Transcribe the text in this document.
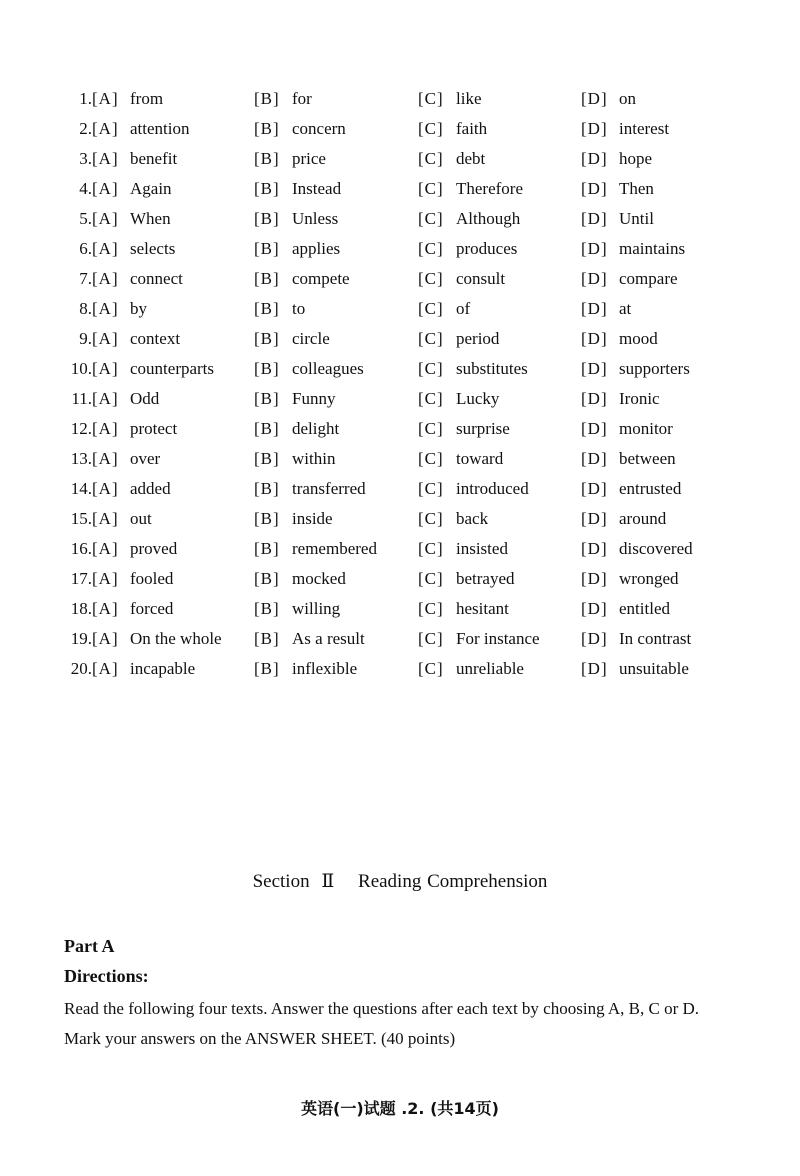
1. [A] from	[B] for	[C] like	[D] on
2. [A] attention	[B] concern	[C] faith	[D] interest
3. [A] benefit	[B] price	[C] debt	[D] hope
4. [A] Again	[B] Instead	[C] Therefore	[D] Then
5. [A] When	[B] Unless	[C] Although	[D] Until
6. [A] selects	[B] applies	[C] produces	[D] maintains
7. [A] connect	[B] compete	[C] consult	[D] compare
8. [A] by	[B] to	[C] of	[D] at
9. [A] context	[B] circle	[C] period	[D] mood
10. [A] counterparts [B] colleagues	[C] substitutes	[D] supporters
11. [A] Odd	[B] Funny	[C] Lucky	[D] Ironic
12. [A] protect	[B] delight	[C] surprise	[D] monitor
13. [A] over	[B] within	[C] toward	[D] between
14. [A] added	[B] transferred	[C] introduced	[D] entrusted
15. [A] out	[B] inside	[C] back	[D] around
16. [A] proved	[B] remembered [C] insisted	[D] discovered
17. [A] fooled	[B] mocked	[C] betrayed	[D] wronged
18. [A] forced	[B] willing	[C] hesitant	[D] entitled
19. [A] On the whole [B] As a result	[C] For instance [D] In contrast
20. [A] incapable	[B] inflexible	[C] unreliable	[D] unsuitable
Section Ⅱ Reading Comprehension
Part A
Directions:
Read the following four texts. Answer the questions after each text by choosing A, B, C or D. Mark your answers on the ANSWER SHEET. (40 points)
英语(一)试题 .2. (共14页)
